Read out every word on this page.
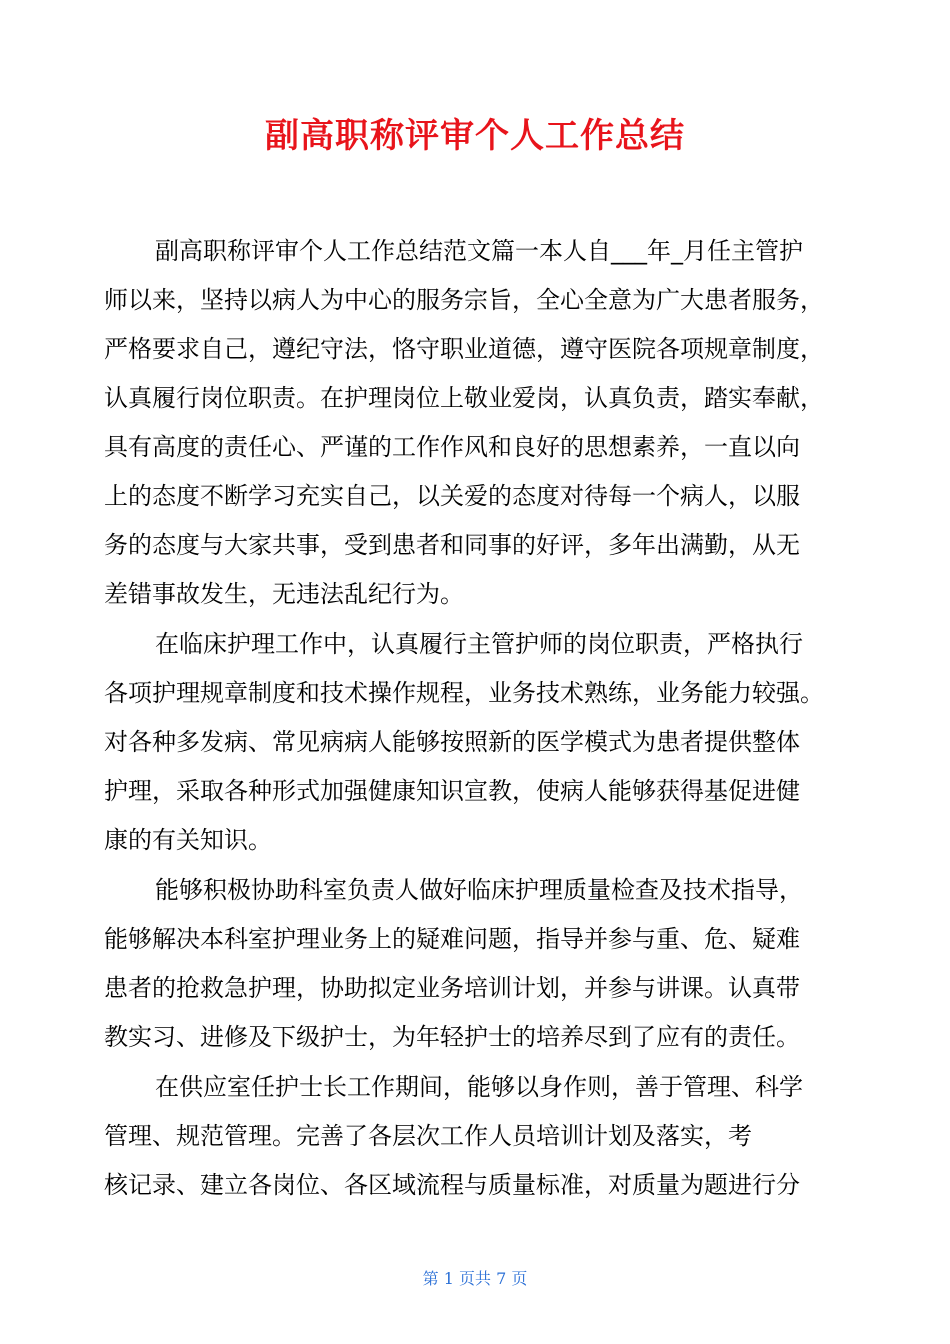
副高职称评审个人工作总结
副高职称评审个人工作总结范文篇一本人自___年_月任主管护
师以来，坚持以病人为中心的服务宗旨，全心全意为广大患者服务，
严格要求自己，遵纪守法，恪守职业道德，遵守医院各项规章制度，
认真履行岗位职责。在护理岗位上敬业爱岗，认真负责，踏实奉献，
具有高度的责任心、严谨的工作作风和良好的思想素养，一直以向
上的态度不断学习充实自己，以关爱的态度对待每一个病人，以服
务的态度与大家共事，受到患者和同事的好评，多年出满勤，从无
差错事故发生，无违法乱纪行为。
在临床护理工作中，认真履行主管护师的岗位职责，严格执行
各项护理规章制度和技术操作规程，业务技术熟练，业务能力较强。
对各种多发病、常见病病人能够按照新的医学模式为患者提供整体
护理，采取各种形式加强健康知识宣教，使病人能够获得基促进健
康的有关知识。
能够积极协助科室负责人做好临床护理质量检查及技术指导，
能够解决本科室护理业务上的疑难问题，指导并参与重、危、疑难
患者的抢救急护理，协助拟定业务培训计划，并参与讲课。认真带
教实习、进修及下级护士，为年轻护士的培养尽到了应有的责任。
在供应室任护士长工作期间，能够以身作则，善于管理、科学
管理、规范管理。完善了各层次工作人员培训计划及落实，考
核记录、建立各岗位、各区域流程与质量标准，对质量为题进行分
第 1 页共 7 页
